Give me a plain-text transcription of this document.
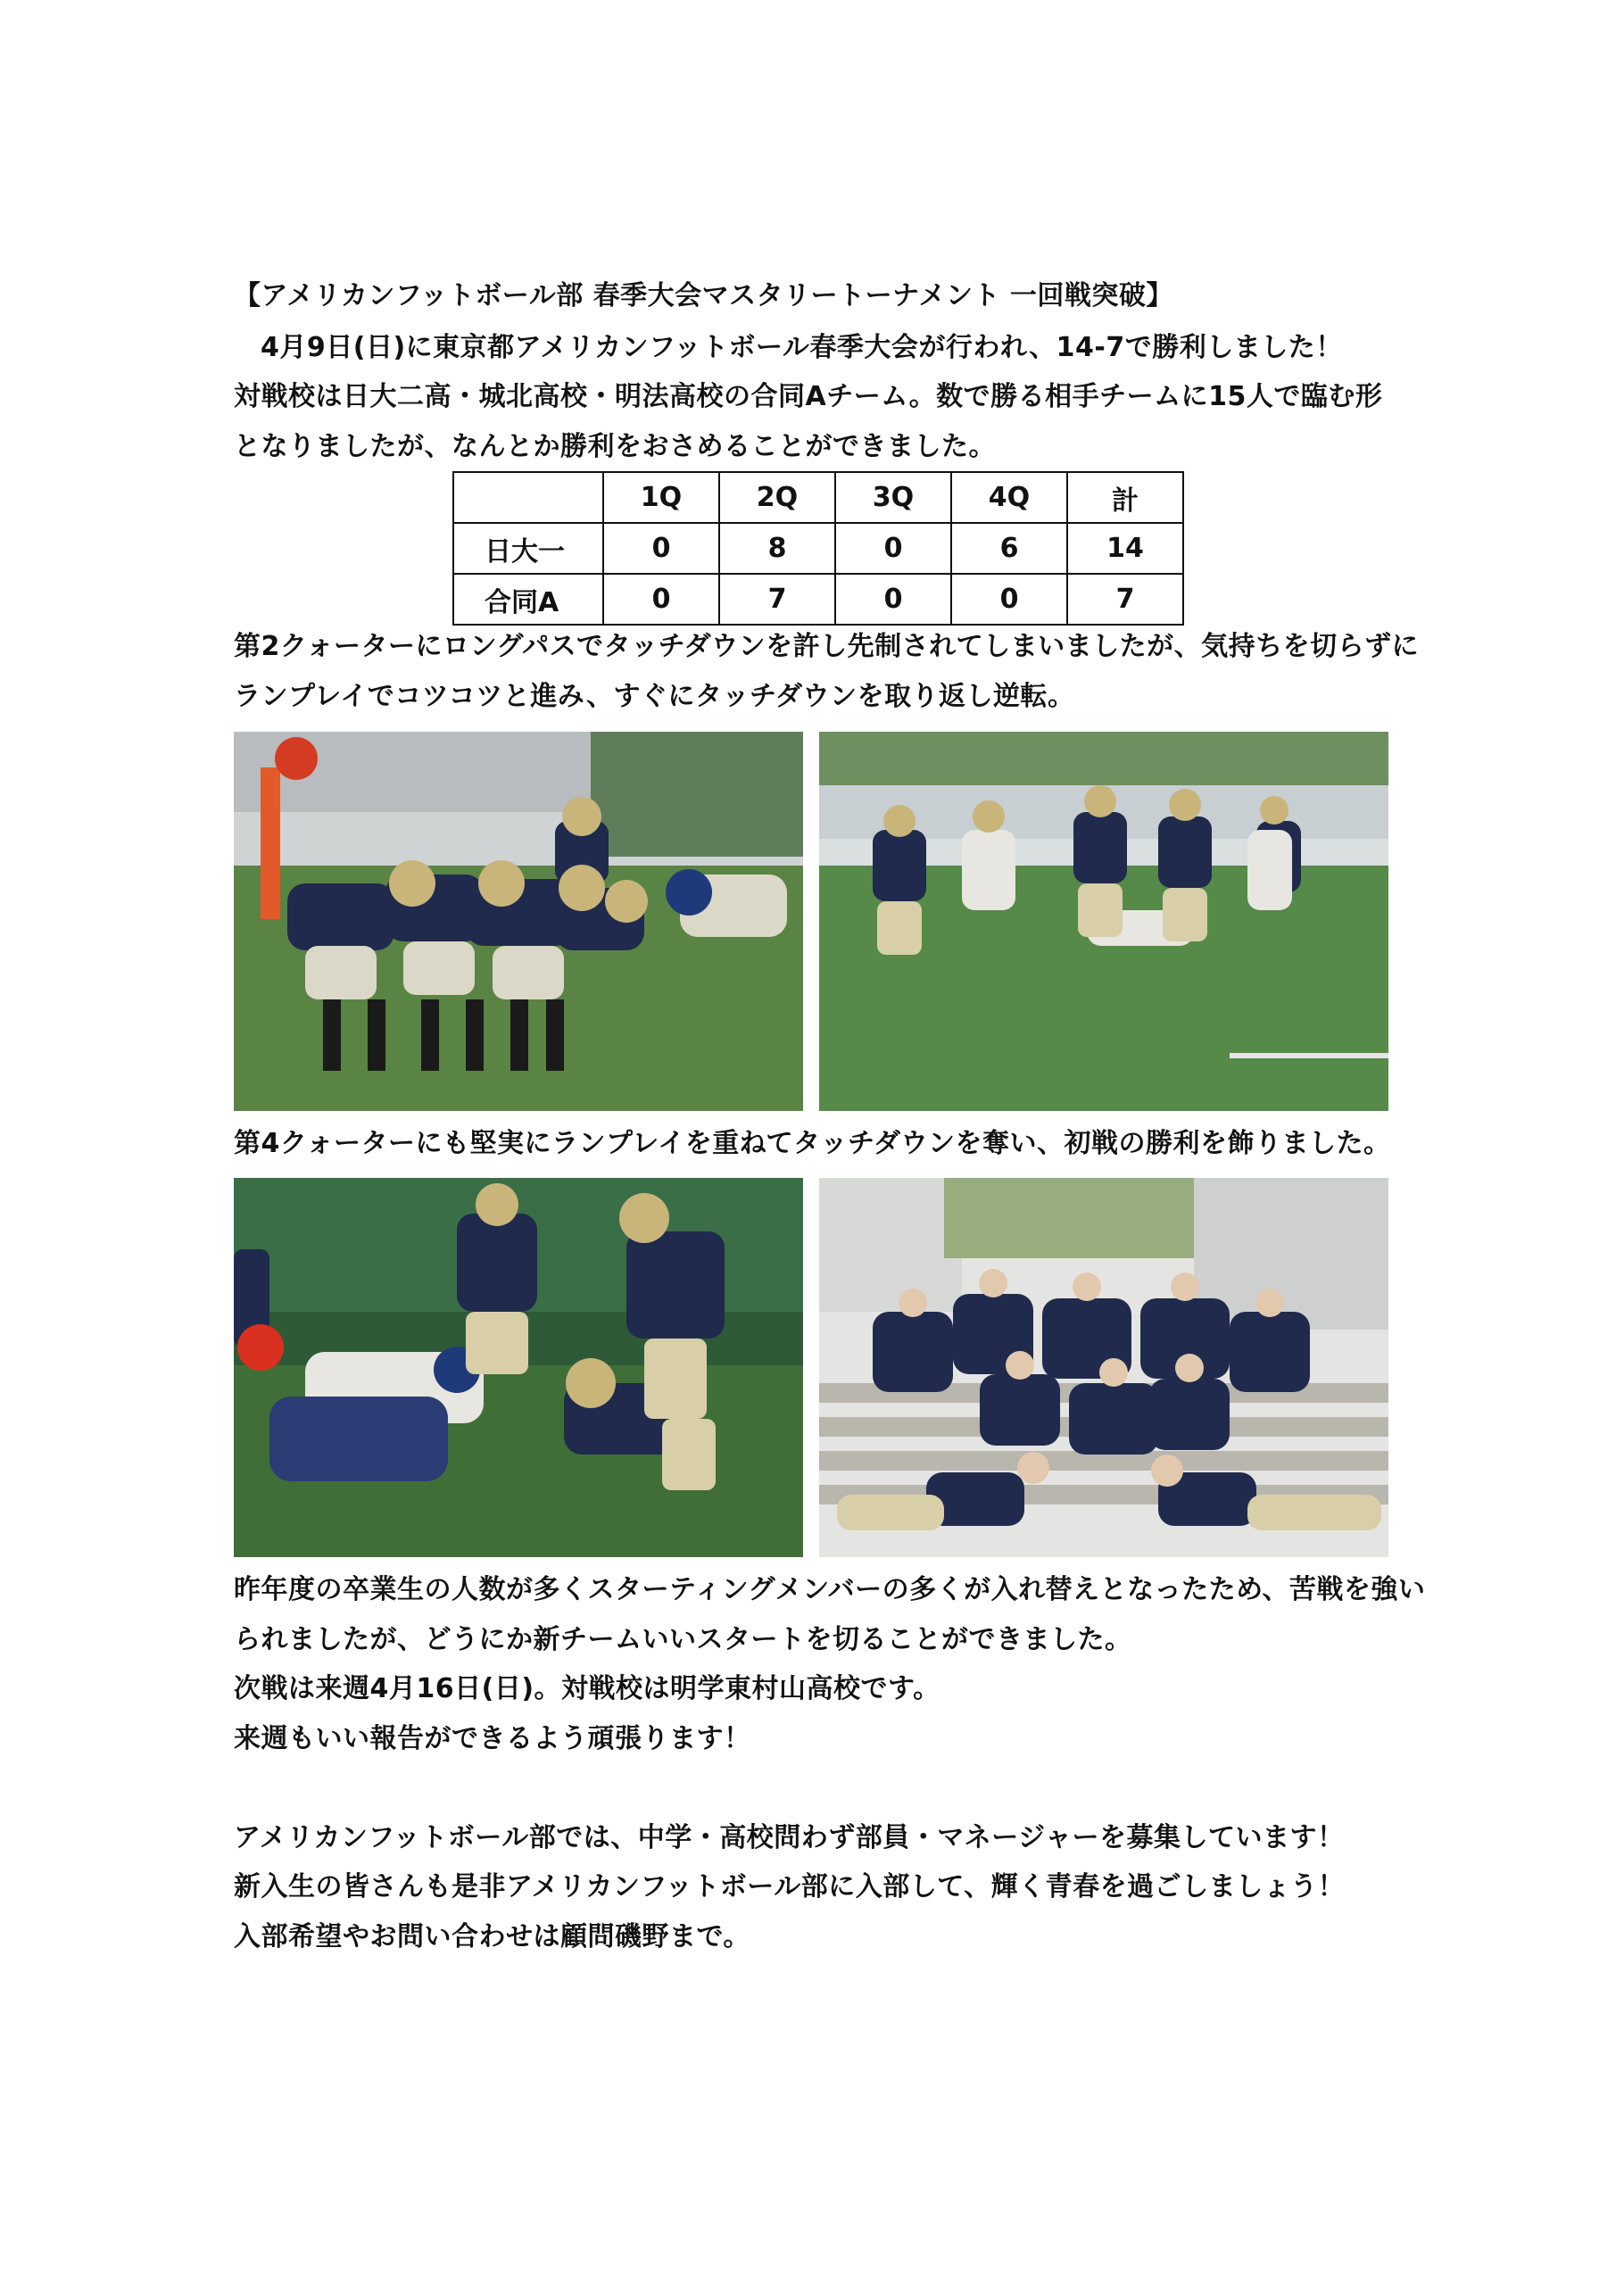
【アメリカンフットボール部 春季大会マスタリートーナメント 一回戦突破】
4月9日(日)に東京都アメリカンフットボール春季大会が行われ、14-7で勝利しました！
対戦校は日大二高・城北高校・明法高校の合同Aチーム。数で勝る相手チームに15人で臨む形
となりましたが、なんとか勝利をおさめることができました。
	1Q	2Q	3Q	4Q	計
日大一	0	8	0	6	14
合同A	0	7	0	0	7
第2クォーターにロングパスでタッチダウンを許し先制されてしまいましたが、気持ちを切らずに
ランプレイでコツコツと進み、すぐにタッチダウンを取り返し逆転。
第4クォーターにも堅実にランプレイを重ねてタッチダウンを奪い、初戦の勝利を飾りました。
昨年度の卒業生の人数が多くスターティングメンバーの多くが入れ替えとなったため、苦戦を強い
られましたが、どうにか新チームいいスタートを切ることができました。
次戦は来週4月16日(日)。対戦校は明学東村山高校です。
来週もいい報告ができるよう頑張ります！
アメリカンフットボール部では、中学・高校問わず部員・マネージャーを募集しています！
新入生の皆さんも是非アメリカンフットボール部に入部して、輝く青春を過ごしましょう！
入部希望やお問い合わせは顧問磯野まで。
